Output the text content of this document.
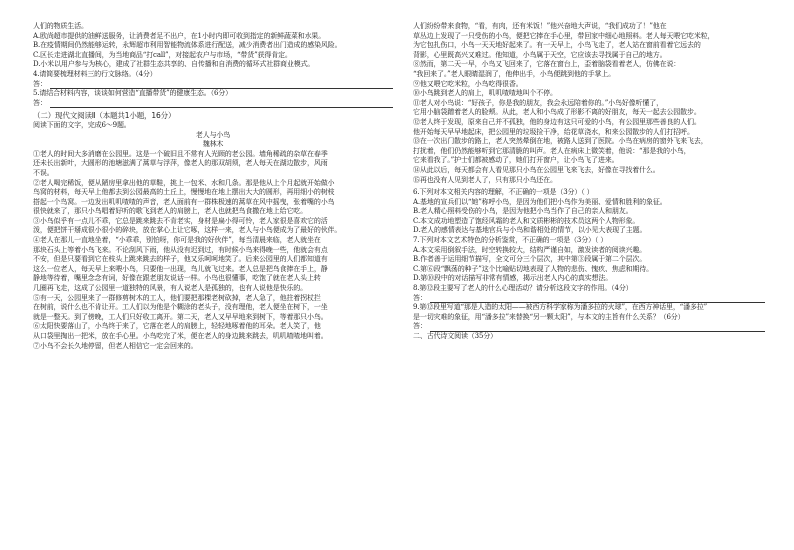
人们的物质生活。
A.欧尚超市提供的油鲜送服务，让消费者足不出户，在1小时内即可收到指定的新鲜蔬菜和水果。
B.在疫情期间仍然能够运转，永辉超市利用智能物流体系进行配送，减少消费者出门造成的感染风险。
C.区长走进湖北直播间，为当地商品“打call”，对接起农户与市场，“带货”获得肯定。
D.小米以用户参与为核心，建成了社群生态共享的、自传播和自消费的循环式社群商业模式。
4.请简要梳理材料三的行文脉络。（4分）
答：
5.请结合材料内容，谈谈如何营造“直播带货”的健康生态。（6分）
答：
（二）现代文阅读Ⅱ（本题共1小题，16分）
阅读下面的文字，完成6～9题。
老人与小鸟
魏林木
①老人的时间大多消磨在公园里。这是一个破旧且不常有人光顾的老公园。墙角稀疏的杂草在春季
还未长出新叶，大圆形的池塘滋满了蒿草与浮萍，像老人的那双胡须，老人每天在湖边散步，风雨
不误。
②老人喝完稀饭，便从陋房里拿出他的草鞋，挑上一包米、水和几条。那是他从上个月起就开始做小
鸟窝的材料，每天早上他都去到公园最高的土丘上，慢慢地在地上摆出大大的圆形，再用细小的树枝
搭起一个鸟窝。一边发出叽叽喳喳的声音，老人面前有一群株极速的蒿草在风中摇曳，张着嘴的小鸟
很快就来了，那只小鸟唱着好听的歌飞到老人的肩膀上，老人也就把鸟食撒在地上给它吃。
③小鸟似乎有一点儿不乖，它总是跳来跳去不肯老实，身材是扁小得可怜，老人家很是喜欢它的活
泼，便把饼干掰成很小很小的碎块，放在掌心上让它啄，这样一来，老人与小鸟便成为了最好的伙伴。
④老人在那儿一直地坐着，“小乖乖，别怕呀，你可是我的好伙伴”，每当清晨来临，老人就坐在
那块石头上等着小鸟飞来。不论刮风下雨，他从没有迟到过，有时候小鸟来得晚一些，他就会有点
不安，但是只要看到它在枝头上跳来跳去的样子，他又乐呵呵地笑了。后来公园里的人们都知道有
这么一位老人，每天早上来喂小鸟，只要他一出现，鸟儿就飞过来。老人总是把鸟食捧在手上，静
静地等待着，嘴里念念有词，好像在跟老朋友说话一样。小鸟也很懂事，吃饱了就在老人头上转
几圈再飞走，这成了公园里一道独特的风景，有人说老人是孤独的，也有人说他是快乐的。
⑤有一天，公园里来了一群修剪树木的工人，他们要把那棵老树砍掉，老人急了，他拄着拐杖拦
在树前，说什么也不肯让开。工人们以为他是个糊涂的老头子，没有理他，老人便坐在树下，一坐
就是一整天。到了傍晚，工人们只好收工离开。第二天，老人又早早地来到树下，等着那只小鸟。
⑥太阳快要落山了，小鸟终于来了，它落在老人的肩膀上，轻轻地啄着他的耳朵。老人笑了，他
从口袋里掏出一把米，放在手心里。小鸟吃完了米，便在老人的身边跳来跳去，叽叽喳喳地叫着。
⑦小鸟不会长久地停留，但老人相信它一定会回来的。
人们纷纷带来食物，“看，有肉，还有米饭！”他兴奋地大声说，“我们成功了！”他在
草丛边上发现了一只受伤的小鸟，便把它捧在手心里，带回家中细心地照料。老人每天喂它吃米粒，
为它包扎伤口，小鸟一天天地好起来了。有一天早上，小鸟飞走了，老人站在窗前看着它远去的
背影，心里既高兴又难过。他知道，小鸟属于天空，它应该去寻找属于自己的地方。
⑧然而，第二天一早，小鸟又飞回来了，它落在窗台上，歪着脑袋看着老人，仿佛在说：
“我回来了。”老人眼睛湿润了，他伸出手，小鸟便跳到他的手掌上。
⑨他又喂它吃米粒，小鸟吃得很香。
⑩小鸟跳到老人的肩上，叽叽喳喳地叫个不停。
⑪老人对小鸟说：“好孩子，你是我的朋友，我会永远陪着你的。”小鸟好像听懂了，
它用小脑袋蹭着老人的脸颊。从此，老人和小鸟成了形影不离的好朋友，每天一起去公园散步。
⑫老人终于发现，原来自己并不孤独，他的身边有这只可爱的小鸟，有公园里那些善良的人们。
他开始每天早早地起床，把公园里的垃圾捡干净，给花草浇水，和来公园散步的人们打招呼。
⑬在一次出门散步的路上，老人突然晕倒在地，被路人送到了医院。小鸟在病房的窗外飞来飞去，
打扰着，他们仍然能够听到它那清脆的叫声。老人在病床上微笑着，他说：“那是我的小鸟，
它来看我了。”护士们都被感动了，她们打开窗户，让小鸟飞了进来。
⑭从此以后，每天都会有人看见那只小鸟在公园里飞来飞去，好像在寻找着什么。
⑮再也没有人见到老人了，只有那只小鸟还在。
6.下列对本文相关内容的理解，不正确的一项是（3分）（ ）
A.基地的宣兵们以“她”称呼小鸟，是因为他们把小鸟作为美丽、爱情和胜利的象征。
B.老人精心照料受伤的小鸟，是因为他把小鸟当作了自己的亲人和朋友。
C.本文成功地塑造了饱经风霜的老人和文质彬彬的技术员这两个人物形象。
D.老人的感情表达与基地官兵与小鸟和谐相处的情节，以小见大表现了主题。
7.下列对本文艺术特色的分析鉴赏，不正确的一项是（3分）（ ）
A.本文采用倒叙手法，时空转换较大，结构严谨自如，激发读者的阅读兴趣。
B.作者善于运用细节描写，全文可分三个层次，其中第③段属于第二个层次。
C.第⑥段“飘荡的种子”这个比喻贴切地表现了人物的悲伤、愧疚、焦虑和期待。
D.第⑩段中的对话描写非常有情感，揭示出老人内心的真实想法。
8.第⑫段主要写了老人的什么心理活动？请分析这段文字的作用。（4分）
答：
9.第⑫段里写道“那是人造的太阳——被西方科学家称为潘多拉的火球”，在西方神话里，“潘多拉”
是一切灾难的象征，用“潘多拉”来替换“另一颗太阳”，与本文的主旨有什么关系？（6分）
答：
二、古代诗文阅读（35分）
